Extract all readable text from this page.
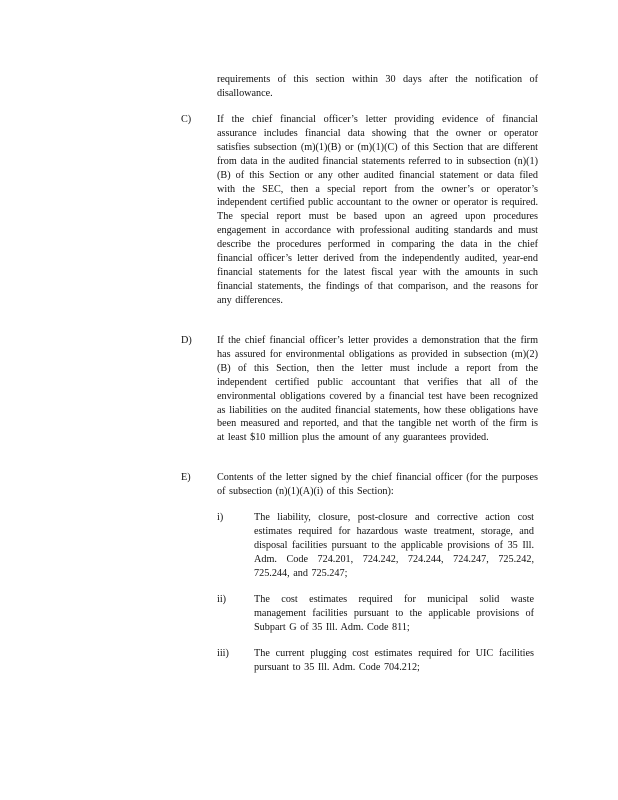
requirements of this section within 30 days after the notification of disallowance.

C)	If the chief financial officer’s letter providing evidence of financial assurance includes financial data showing that the owner or operator satisfies subsection (m)(1)(B) or (m)(1)(C) of this Section that are different from data in the audited financial statements referred to in subsection (n)(1)(B) of this Section or any other audited financial statement or data filed with the SEC, then a special report from the owner’s or operator’s independent certified public accountant to the owner or operator is required. The special report must be based upon an agreed upon procedures engagement in accordance with professional auditing standards and must describe the procedures performed in comparing the data in the chief financial officer’s letter derived from the independently audited, year-end financial statements for the latest fiscal year with the amounts in such financial statements, the findings of that comparison, and the reasons for any differences.

D) If the chief financial officer’s letter provides a demonstration that the firm has assured for environmental obligations as provided in subsection (m)(2)(B) of this Section, then the letter must include a report from the independent certified public accountant that verifies that all of the environmental obligations covered by a financial test have been recognized as liabilities on the audited financial statements, how these obligations have been measured and reported, and that the tangible net worth of the firm is at least $10 million plus the amount of any guarantees provided.

E)	Contents of the letter signed by the chief financial officer (for the purposes of subsection (n)(1)(A)(i) of this Section):

i)	The liability, closure, post-closure and corrective action cost estimates required for hazardous waste treatment, storage, and disposal facilities pursuant to the applicable provisions of 35 Ill. Adm. Code 724.201, 724.242, 724.244, 724.247, 725.242, 725.244, and 725.247;

ii)	The cost estimates required for municipal solid waste management facilities pursuant to the applicable provisions of Subpart G of 35 Ill. Adm. Code 811;

iii) The current plugging cost estimates required for UIC facilities pursuant to 35 Ill. Adm. Code 704.212;
